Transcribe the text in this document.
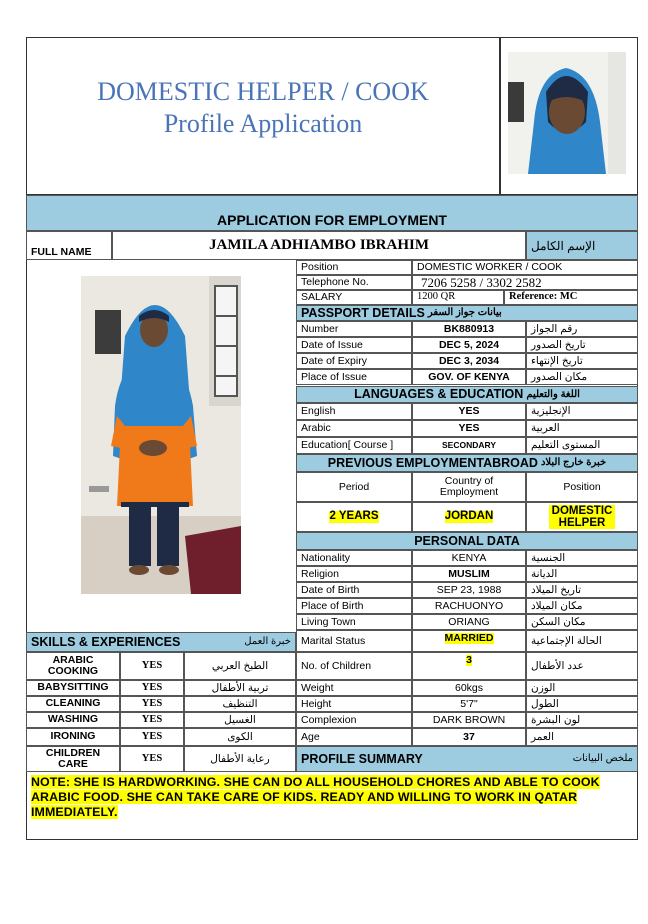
DOMESTIC HELPER / COOK
Profile Application
APPLICATION FOR EMPLOYMENT
FULL NAME	JAMILA ADHIAMBO IBRAHIM	الإسم الكامل
Position	DOMESTIC WORKER / COOK
Telephone No.	7206 5258 / 3302 2582
SALARY	1200 QR	Reference: MC
PASSPORT DETAILS بيانات جواز السفر
Number	BK880913	رقم الجواز
Date of Issue	DEC 5, 2024	تاريخ الصدور
Date of Expiry	DEC 3, 2034	تاريخ الإنتهاء
Place of Issue	GOV. OF KENYA مكان الصدور
LANGUAGES & EDUCATION اللغة والتعليم
English	YES	الإنجليزية
Arabic	YES	العربية
Education[ Course ]	SECONDARY	المستوى التعليم
PREVIOUS EMPLOYMENTABROAD خبرة خارج البلاد
Period	Country of Employment	Position
2 YEARS	JORDAN	DOMESTIC HELPER
PERSONAL DATA
Nationality	KENYA	الجنسية
Religion	MUSLIM	الديانة
Date of Birth	SEP 23, 1988	تاريخ الميلاد
Place of Birth	RACHUONYO	مكان الميلاد
Living Town	ORIANG	مكان السكن
Marital Status	MARRIED	الحالة الإجتماعية
No. of Children	3	عدد الأطفال
Weight	60kgs	الوزن
Height	5'7"	الطول
Complexion	DARK BROWN لون البشرة
Age	37	العمر
SKILLS & EXPERIENCES	خبرة العمل
ARABIC COOKING	YES	الطبخ العربي
BABYSITTING	YES	تربية الأطفال
CLEANING	YES	التنظيف
WASHING	YES	الغسيل
IRONING	YES	الكوى
CHILDREN CARE	YES	رعاية الأطفال	PROFILE SUMMARY	ملخص البيانات
NOTE: SHE IS HARDWORKING. SHE CAN DO ALL HOUSEHOLD CHORES AND ABLE TO COOK ARABIC FOOD. SHE CAN TAKE CARE OF KIDS. READY AND WILLING TO WORK IN QATAR IMMEDIATELY.
